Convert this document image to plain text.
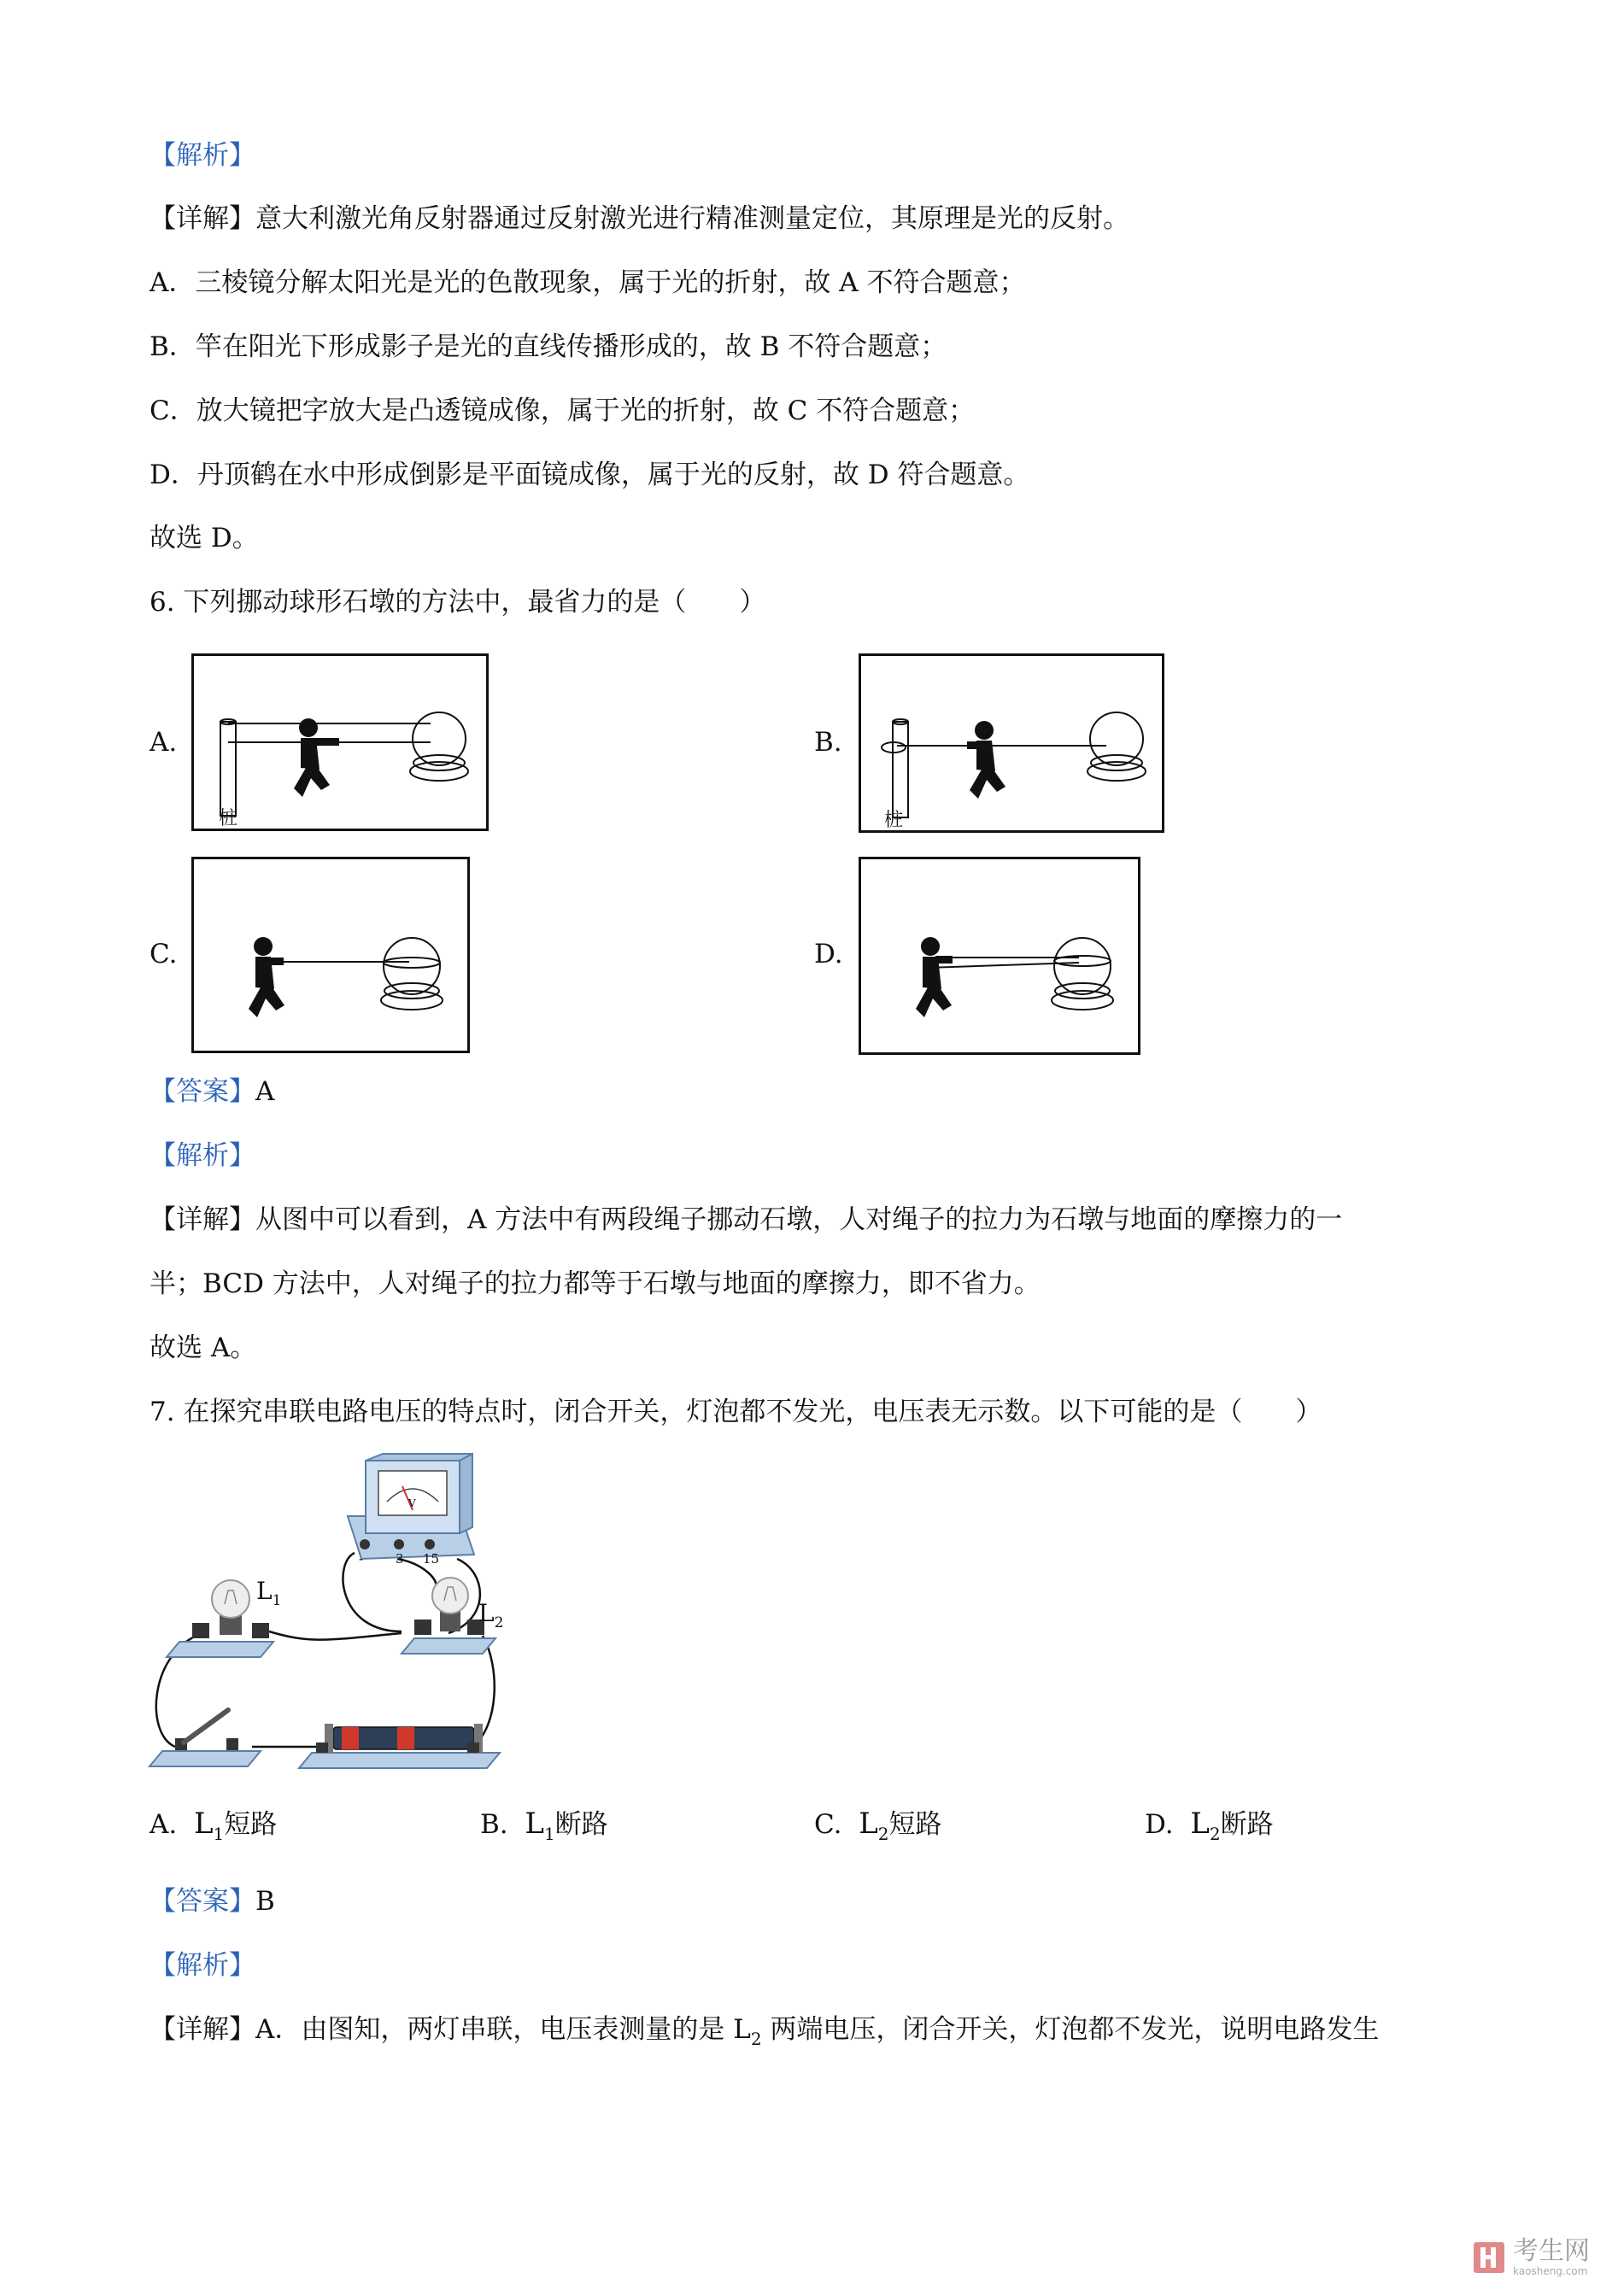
【解析】
【详解】意大利激光角反射器通过反射激光进行精准测量定位，其原理是光的反射。
A．三棱镜分解太阳光是光的色散现象，属于光的折射，故 A 不符合题意；
B．竿在阳光下形成影子是光的直线传播形成的，故 B 不符合题意；
C．放大镜把字放大是凸透镜成像，属于光的折射，故 C 不符合题意；
D．丹顶鹤在水中形成倒影是平面镜成像，属于光的反射，故 D 符合题意。
故选 D。
6. 下列挪动球形石墩的方法中，最省力的是（　　）
A.	B.
C.	D.
桩	桩
【答案】A
【解析】
【详解】从图中可以看到，A 方法中有两段绳子挪动石墩，人对绳子的拉力为石墩与地面的摩擦力的一
半；BCD 方法中，人对绳子的拉力都等于石墩与地面的摩擦力，即不省力。
故选 A。
7. 在探究串联电路电压的特点时，闭合开关，灯泡都不发光，电压表无示数。以下可能的是（　　）
V
-	3 15
$L_1$	$L_2$
A. $L_1$短路	B. $L_1$断路	C. $L_2$短路	D. $L_2$断路
【答案】B
【解析】
【详解】A．由图知，两灯串联，电压表测量的是 $L_2$ 两端电压，闭合开关，灯泡都不发光，说明电路发生
考生网
kaosheng.com
